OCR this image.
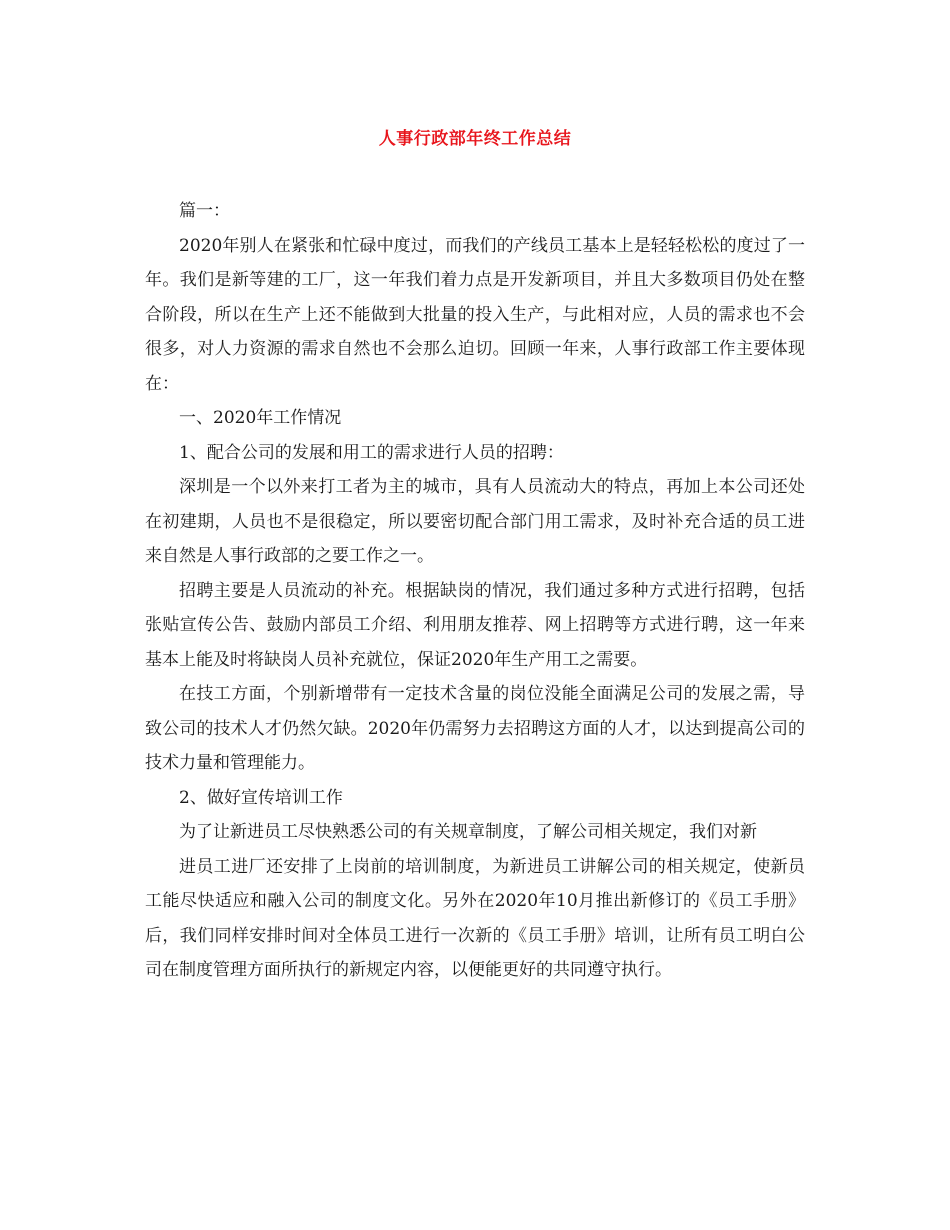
人事行政部年终工作总结

篇一：

2020年别人在紧张和忙碌中度过，而我们的产线员工基本上是轻轻松松的度过了一年。我们是新等建的工厂，这一年我们着力点是开发新项目，并且大多数项目仍处在整合阶段，所以在生产上还不能做到大批量的投入生产，与此相对应，人员的需求也不会很多，对人力资源的需求自然也不会那么迫切。回顾一年来，人事行政部工作主要体现在：

一、2020年工作情况

1、配合公司的发展和用工的需求进行人员的招聘：

深圳是一个以外来打工者为主的城市，具有人员流动大的特点，再加上本公司还处在初建期，人员也不是很稳定，所以要密切配合部门用工需求，及时补充合适的员工进来自然是人事行政部的之要工作之一。

招聘主要是人员流动的补充。根据缺岗的情况，我们通过多种方式进行招聘，包括张贴宣传公告、鼓励内部员工介绍、利用朋友推荐、网上招聘等方式进行聘，这一年来基本上能及时将缺岗人员补充就位，保证2020年生产用工之需要。

在技工方面，个别新增带有一定技术含量的岗位没能全面满足公司的发展之需，导致公司的技术人才仍然欠缺。2020年仍需努力去招聘这方面的人才，以达到提高公司的技术力量和管理能力。

2、做好宣传培训工作

为了让新进员工尽快熟悉公司的有关规章制度，了解公司相关规定，我们对新

进员工进厂还安排了上岗前的培训制度，为新进员工讲解公司的相关规定，使新员工能尽快适应和融入公司的制度文化。另外在2020年10月推出新修订的《员工手册》后，我们同样安排时间对全体员工进行一次新的《员工手册》培训，让所有员工明白公司在制度管理方面所执行的新规定内容，以便能更好的共同遵守执行。
